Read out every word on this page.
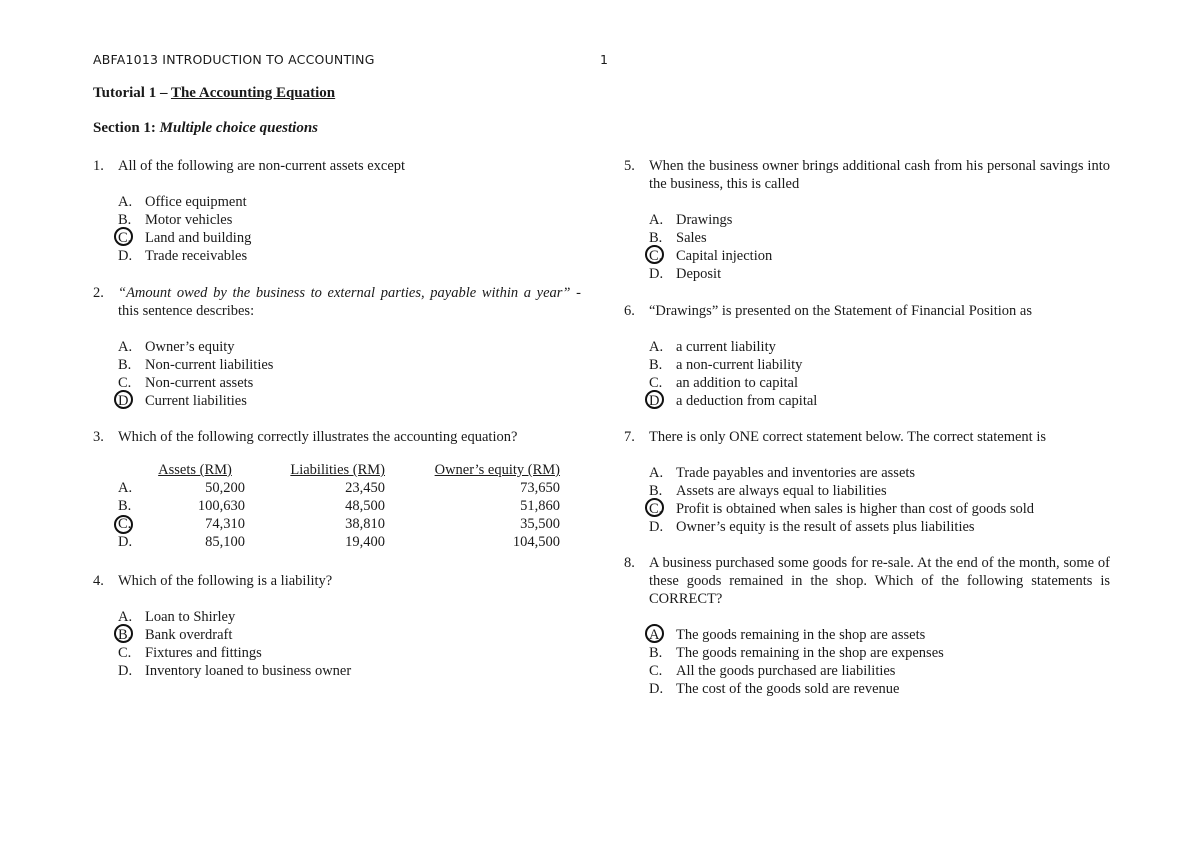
ABFA1013 INTRODUCTION TO ACCOUNTING	1
Tutorial 1 – The Accounting Equation
Section 1: Multiple choice questions
1. All of the following are non-current assets except
A. Office equipment
B. Motor vehicles
C. Land and building
D. Trade receivables
2. “Amount owed by the business to external parties, payable within a year” - this sentence describes:
A. Owner’s equity
B. Non-current liabilities
C. Non-current assets
D. Current liabilities
3. Which of the following correctly illustrates the accounting equation?
	Assets (RM)	Liabilities (RM)	Owner’s equity (RM)
A.	50,200	23,450	73,650
B.	100,630	48,500	51,860

C.	74,310	38,810	35,500
D.	85,100	19,400	104,500
4. Which of the following is a liability?
A. Loan to Shirley
B. Bank overdraft
C. Fixtures and fittings
D. Inventory loaned to business owner
5. When the business owner brings additional cash from his personal savings into the business, this is called
A. Drawings
B. Sales
C. Capital injection
D. Deposit
6. “Drawings” is presented on the Statement of Financial Position as
A. a current liability
B. a non-current liability
C. an addition to capital
D. a deduction from capital
7. There is only ONE correct statement below. The correct statement is
A. Trade payables and inventories are assets
B. Assets are always equal to liabilities
C. Profit is obtained when sales is higher than cost of goods sold
D. Owner’s equity is the result of assets plus liabilities
8. A business purchased some goods for re-sale. At the end of the month, some of these goods remained in the shop. Which of the following statements is CORRECT?
A. The goods remaining in the shop are assets
B. The goods remaining in the shop are expenses
C. All the goods purchased are liabilities
D. The cost of the goods sold are revenue
